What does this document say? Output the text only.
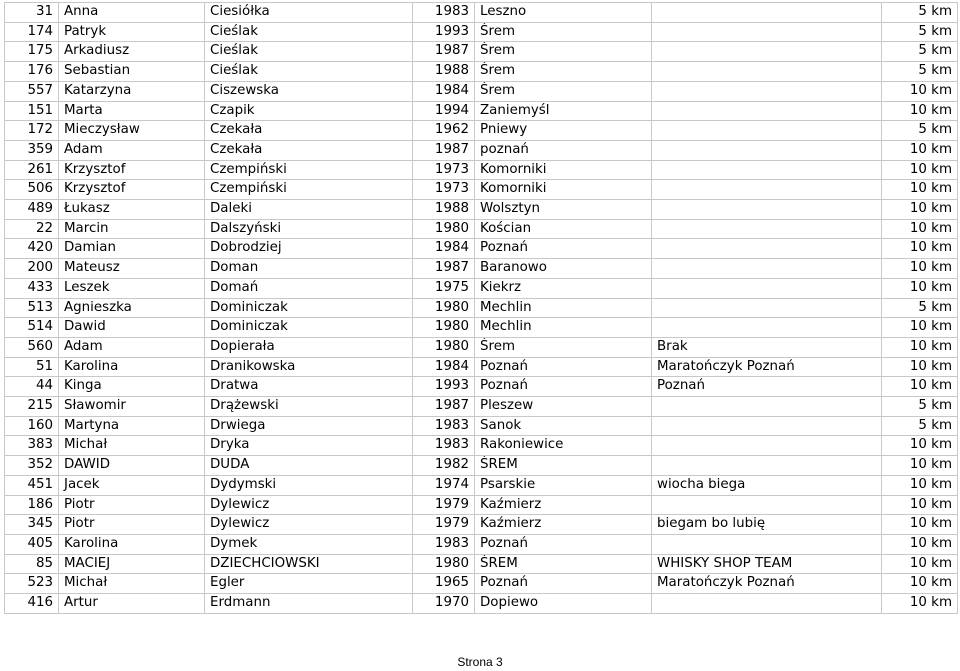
31	Anna	Ciesiółka	1983	Leszno		5 km
174	Patryk	Cieślak	1993	Śrem		5 km
175	Arkadiusz	Cieślak	1987	Śrem		5 km
176	Sebastian	Cieślak	1988	Śrem		5 km
557	Katarzyna	Ciszewska	1984	Śrem		10 km
151	Marta	Czapik	1994	Zaniemyśl		10 km
172	Mieczysław	Czekała	1962	Pniewy		5 km
359	Adam	Czekała	1987	poznań		10 km
261	Krzysztof	Czempiński	1973	Komorniki		10 km
506	Krzysztof	Czempiński	1973	Komorniki		10 km
489	Łukasz	Daleki	1988	Wolsztyn		10 km
22	Marcin	Dalszyński	1980	Kościan		10 km
420	Damian	Dobrodziej	1984	Poznań		10 km
200	Mateusz	Doman	1987	Baranowo		10 km
433	Leszek	Domań	1975	Kiekrz		10 km
513	Agnieszka	Dominiczak	1980	Mechlin		5 km
514	Dawid	Dominiczak	1980	Mechlin		10 km
560	Adam	Dopierała	1980	Śrem	Brak	10 km
51	Karolina	Dranikowska	1984	Poznań	Maratończyk Poznań	10 km
44	Kinga	Dratwa	1993	Poznań	Poznań	10 km
215	Sławomir	Drążewski	1987	Pleszew		5 km
160	Martyna	Drwiega	1983	Sanok		5 km
383	Michał	Dryka	1983	Rakoniewice		10 km
352	DAWID	DUDA	1982	ŚREM		10 km
451	Jacek	Dydymski	1974	Psarskie	wiocha biega	10 km
186	Piotr	Dylewicz	1979	Kaźmierz		10 km
345	Piotr	Dylewicz	1979	Kaźmierz	biegam bo lubię	10 km
405	Karolina	Dymek	1983	Poznań		10 km
85	MACIEJ	DZIECHCIOWSKI	1980	ŚREM	WHISKY SHOP TEAM	10 km
523	Michał	Egler	1965	Poznań	Maratończyk Poznań	10 km
416	Artur	Erdmann	1970	Dopiewo		10 km
Strona 3
